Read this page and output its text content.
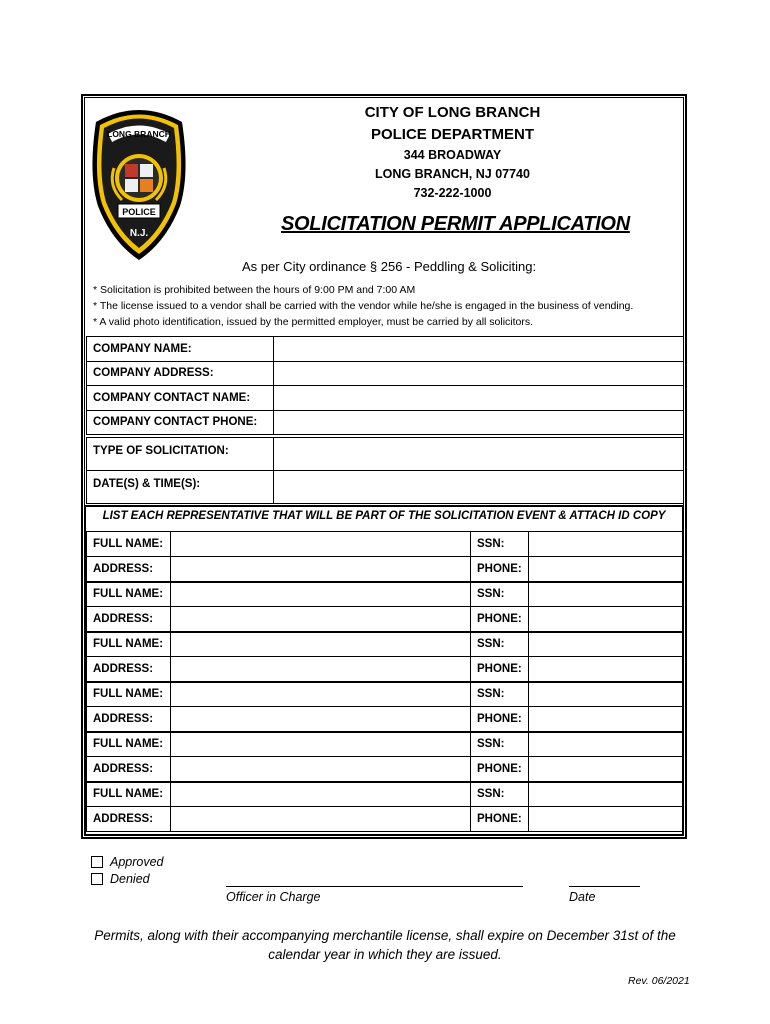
LONG BRANCH
POLICE
N.J.
CITY OF LONG BRANCH
POLICE DEPARTMENT
344 BROADWAY
LONG BRANCH, NJ 07740
732-222-1000
SOLICITATION PERMIT APPLICATION
As per City ordinance § 256 - Peddling & Soliciting:
* Solicitation is prohibited between the hours of 9:00 PM and 7:00 AM
* The license issued to a vendor shall be carried with the vendor while he/she is engaged in the business of vending.
* A valid photo identification, issued by the permitted employer, must be carried by all solicitors.
COMPANY NAME:	
COMPANY ADDRESS:	
COMPANY CONTACT NAME:	
COMPANY CONTACT PHONE:	
TYPE OF SOLICITATION:	
DATE(S) & TIME(S):	
LIST EACH REPRESENTATIVE THAT WILL BE PART OF THE SOLICITATION EVENT & ATTACH ID COPY
FULL NAME:		SSN:	
ADDRESS:		PHONE:	
FULL NAME:		SSN:	
ADDRESS:		PHONE:	
FULL NAME:		SSN:	
ADDRESS:		PHONE:	
FULL NAME:		SSN:	
ADDRESS:		PHONE:	
FULL NAME:		SSN:	
ADDRESS:		PHONE:	
FULL NAME:		SSN:	
ADDRESS:		PHONE:	
Approved
Denied
Officer in Charge	Date
Permits, along with their accompanying merchantile license, shall expire on December 31st of the
calendar year in which they are issued.
Rev. 06/2021
